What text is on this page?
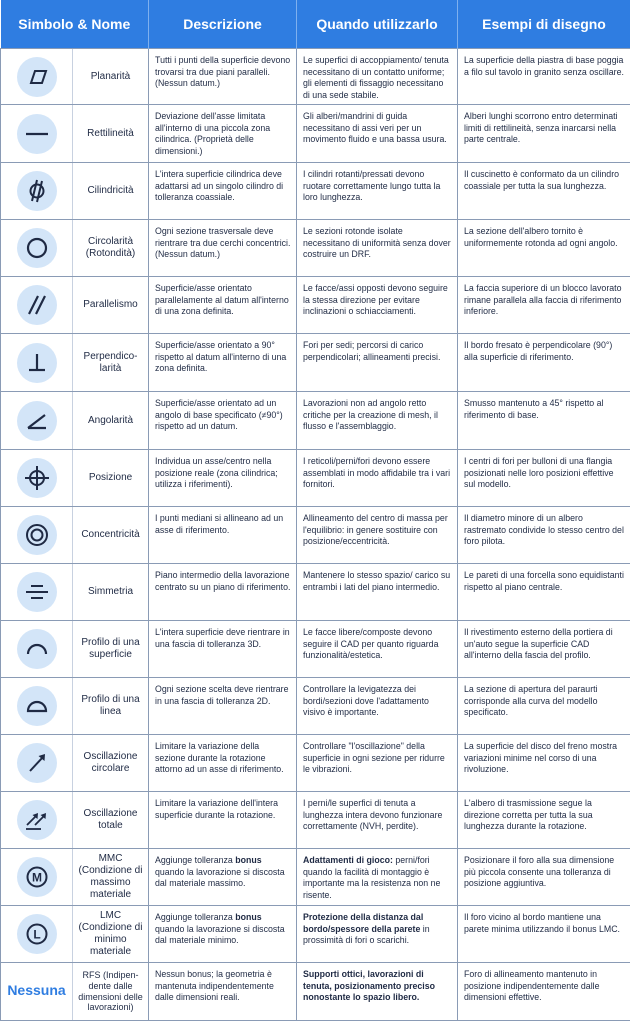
Simbolo & Nome		Descrizione	Quando utilizzarlo	Esempi di disegno

	Planarità	Tutti i punti della superficie devono trovarsi tra due piani paralleli. (Nessun datum.)	Le superfici di accoppiamento/ tenuta necessitano di un contatto uniforme; gli elementi di fissaggio necessitano di una sede stabile.	La superficie della piastra di base poggia a filo sul tavolo in granito senza oscillare.

	Rettilineità	Deviazione dell'asse limitata all'interno di una piccola zona cilindrica. (Proprietà delle dimensioni.)	Gli alberi/mandrini di guida necessitano di assi veri per un movimento fluido e una bassa usura.	Alberi lunghi scorrono entro determinati limiti di rettilineità, senza inarcarsi nella parte centrale.

	Cilindricità	L'intera superficie cilindrica deve adattarsi ad un singolo cilindro di tolleranza coassiale.	I cilindri rotanti/pressati devono ruotare correttamente lungo tutta la loro lunghezza.	Il cuscinetto è conformato da un cilindro coassiale per tutta la sua lunghezza.

	Circolarità (Rotondità)	Ogni sezione trasversale deve rientrare tra due cerchi concentrici.(Nessun datum.)	Le sezioni rotonde isolate necessitano di uniformità senza dover costruire un DRF.	La sezione dell'albero tornito è uniformemente rotonda ad ogni angolo.

	Parallelismo	Superficie/asse orientato parallelamente al datum all'interno di una zona definita.	Le facce/assi opposti devono seguire la stessa direzione per evitare inclinazioni o schiacciamenti.	La faccia superiore di un blocco lavorato rimane parallela alla faccia di riferimento inferiore.

	Perpendico-larità	Superficie/asse orientato a 90° rispetto al datum all'interno di una zona definita.	Fori per sedi; percorsi di carico perpendicolari; allineamenti precisi.	Il bordo fresato è perpendicolare (90°) alla superficie di riferimento.

	Angolarità	Superficie/asse orientato ad un angolo di base specificato (≠90°) rispetto ad un datum.	Lavorazioni non ad angolo retto critiche per la creazione di mesh, il flusso e l'assemblaggio.	Smusso mantenuto a 45° rispetto al riferimento di base.

	Posizione	Individua un asse/centro nella posizione reale (zona cilindrica; utilizza i riferimenti).	I reticoli/perni/fori devono essere assemblati in modo affidabile tra i vari fornitori.	I centri di fori per bulloni di una flangia posizionati nelle loro posizioni effettive sul modello.

	Concentricità	I punti mediani si allineano ad un asse di riferimento.	Allineamento del centro di massa per l'equilibrio: in genere sostituire con posizione/eccentricità.	Il diametro minore di un albero rastremato condivide lo stesso centro del foro pilota.

	Simmetria	Piano intermedio della lavorazione centrato su un piano di riferimento.	Mantenere lo stesso spazio/ carico su entrambi i lati del piano intermedio.	Le pareti di una forcella sono equidistanti rispetto al piano centrale.

	Profilo di una superficie	L'intera superficie deve rientrare in una fascia di tolleranza 3D.	Le facce libere/composte devono seguire il CAD per quanto riguarda funzionalità/estetica.	Il rivestimento esterno della portiera di un'auto segue la superficie CAD all'interno della fascia del profilo.

	Profilo di una linea	Ogni sezione scelta deve rientrare in una fascia di tolleranza 2D.	Controllare la levigatezza dei bordi/sezioni dove l'adattamento visivo è importante.	La sezione di apertura del paraurti corrisponde alla curva del modello specificato.

	Oscillazione circolare	Limitare la variazione della sezione durante la rotazione attorno ad un asse di riferimento.	Controllare "l'oscillazione" della superficie in ogni sezione per ridurre le vibrazioni.	La superficie del disco del freno mostra variazioni minime nel corso di una rivoluzione.

	Oscillazione totale	Limitare la variazione dell'intera superficie durante la rotazione.	I perni/le superfici di tenuta a lunghezza intera devono funzionare correttamente (NVH, perdite).	L'albero di trasmissione segue la direzione corretta per tutta la sua lunghezza durante la rotazione.

M	MMC (Condizione di massimo materiale	Aggiunge tolleranza bonus quando la lavorazione si discosta dal materiale massimo.	Adattamenti di gioco: perni/fori quando la facilità di montaggio è importante ma la resistenza non ne risente.	Posizionare il foro alla sua dimensione più piccola consente una tolleranza di posizione aggiuntiva.

L	LMC (Condizione di minimo materiale	Aggiunge tolleranza bonus quando la lavorazione si discosta dal materiale minimo.	Protezione della distanza dal bordo/spessore della parete in prossimità di fori o scarichi.	Il foro vicino al bordo mantiene una parete minima utilizzando il bonus LMC.
Nessuna	RFS (Indipen-dente dalle dimensioni delle lavorazioni)	Nessun bonus; la geometria è mantenuta indipendentemente dalle dimensioni reali.	Supporti ottici, lavorazioni di tenuta, posizionamento preciso nonostante lo spazio libero.	Foro di allineamento mantenuto in posizione indipendentemente dalle dimensioni effettive.
